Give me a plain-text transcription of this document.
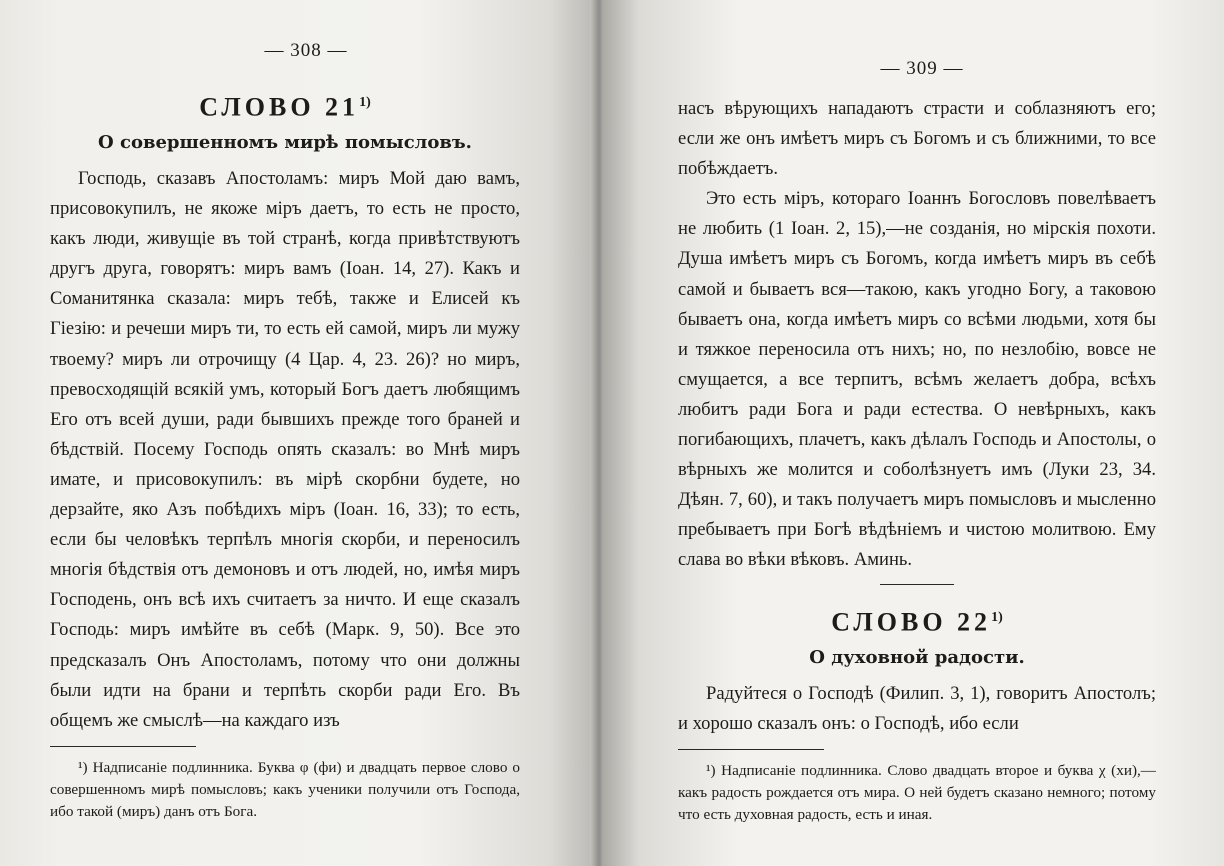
— 308 —
СЛОВО 21$^{1)}$
О совершенномъ мирѣ помысловъ.

Господь, сказавъ Апостоламъ: миръ Мой даю вамъ, присовокупилъ, не якоже міръ даетъ, то есть не просто, какъ люди, живущіе въ той странѣ, когда привѣтствуютъ другъ друга, говорятъ: миръ вамъ (Іоан. 14, 27). Какъ и Соманитянка сказала: миръ тебѣ, также и Елисей къ Гіезію: и речеши миръ ти, то есть ей самой, миръ ли мужу твоему? миръ ли отрочищу (4 Цар. 4, 23. 26)? но миръ, превосходящій всякій умъ, который Богъ даетъ любящимъ Его отъ всей души, ради бывшихъ прежде того браней и бѣдствій. Посему Господь опять сказалъ: во Мнѣ миръ имате, и присовокупилъ: въ мірѣ скорбни будете, но дерзайте, яко Азъ побѣдихъ міръ (Іоан. 16, 33); то есть, если бы человѣкъ терпѣлъ многія скорби, и переносилъ многія бѣдствія отъ демоновъ и отъ людей, но, имѣя миръ Господень, онъ всѣ ихъ считаетъ за ничто. И еще сказалъ Господь: миръ имѣйте въ себѣ (Марк. 9, 50). Все это предсказалъ Онъ Апостоламъ, потому что они должны были идти на брани и терпѣть скорби ради Его. Въ общемъ же смыслѣ—на каждаго изъ

¹) Надписаніе подлинника. Буква φ (фи) и двадцать первое слово о совершенномъ мирѣ помысловъ; какъ ученики получили отъ Господа, ибо такой (миръ) данъ отъ Бога.

— 309 —

насъ вѣрующихъ нападаютъ страсти и соблазняютъ его; если же онъ имѣетъ миръ съ Богомъ и съ ближними, то все побѣждаетъ.

Это есть міръ, котораго Іоаннъ Богословъ повелѣваетъ не любить (1 Іоан. 2, 15),—не созданія, но мірскія похоти. Душа имѣетъ миръ съ Богомъ, когда имѣетъ миръ въ себѣ самой и бываетъ вся—такою, какъ угодно Богу, а таковою бываетъ она, когда имѣетъ миръ со всѣми людьми, хотя бы и тяжкое переносила отъ нихъ; но, по незлобію, вовсе не смущается, а все терпитъ, всѣмъ желаетъ добра, всѣхъ любитъ ради Бога и ради естества. О невѣрныхъ, какъ погибающихъ, плачетъ, какъ дѣлалъ Господь и Апостолы, о вѣрныхъ же молится и соболѣзнуетъ имъ (Луки 23, 34. Дѣян. 7, 60), и такъ получаетъ миръ помысловъ и мысленно пребываетъ при Богѣ вѣдѣніемъ и чистою молитвою. Ему слава во вѣки вѣковъ. Аминь.

СЛОВО 22$^{1)}$
О духовной радости.

Радуйтеся о Господѣ (Филип. 3, 1), говоритъ Апостолъ; и хорошо сказалъ онъ: о Господѣ, ибо если

¹) Надписаніе подлинника. Слово двадцать второе и буква χ (хи),—какъ радость рождается отъ мира. О ней будетъ сказано немного; потому что есть духовная радость, есть и иная.
